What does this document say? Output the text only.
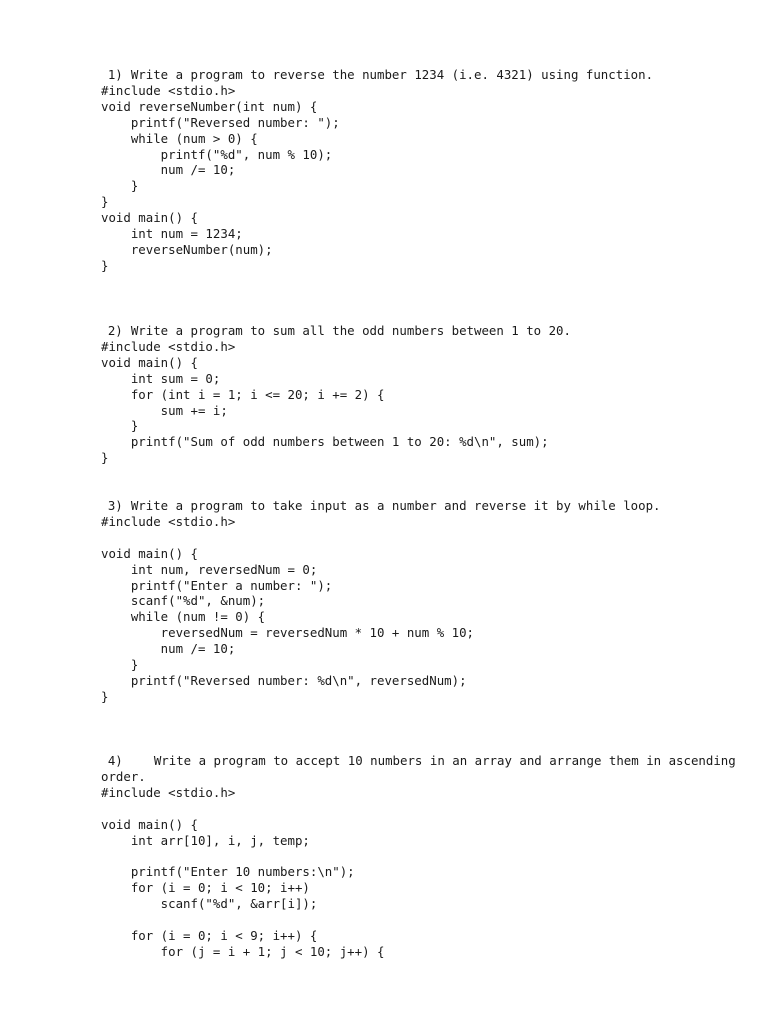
1) Write a program to reverse the number 1234 (i.e. 4321) using function.

#include <stdio.h>
void reverseNumber(int num) {
printf("Reversed number: ");
while (num > 0) {
printf("%d", num % 10);
num /= 10;
}
}
void main() {
int num = 1234;
reverseNumber(num);
}

2) Write a program to sum all the odd numbers between 1 to 20.

#include <stdio.h>
void main() {
int sum = 0;
for (int i = 1; i <= 20; i += 2) {
sum += i;
}
printf("Sum of odd numbers between 1 to 20: %d\n", sum);
}

3) Write a program to take input as a number and reverse it by while loop.

#include <stdio.h>
void main() {
int num, reversedNum = 0;
printf("Enter a number: ");
scanf("%d", &num);
while (num != 0) {
reversedNum = reversedNum * 10 + num % 10;
num /= 10;
}
printf("Reversed number: %d\n", reversedNum);
}

4)	Write a program to accept 10 numbers in an array and arrange them in ascending order.

#include <stdio.h>
void main() {
int arr[10], i, j, temp;
printf("Enter 10 numbers:\n");
for (i = 0; i < 10; i++)
scanf("%d", &arr[i]);
for (i = 0; i < 9; i++) {
for (j = i + 1; j < 10; j++) {
